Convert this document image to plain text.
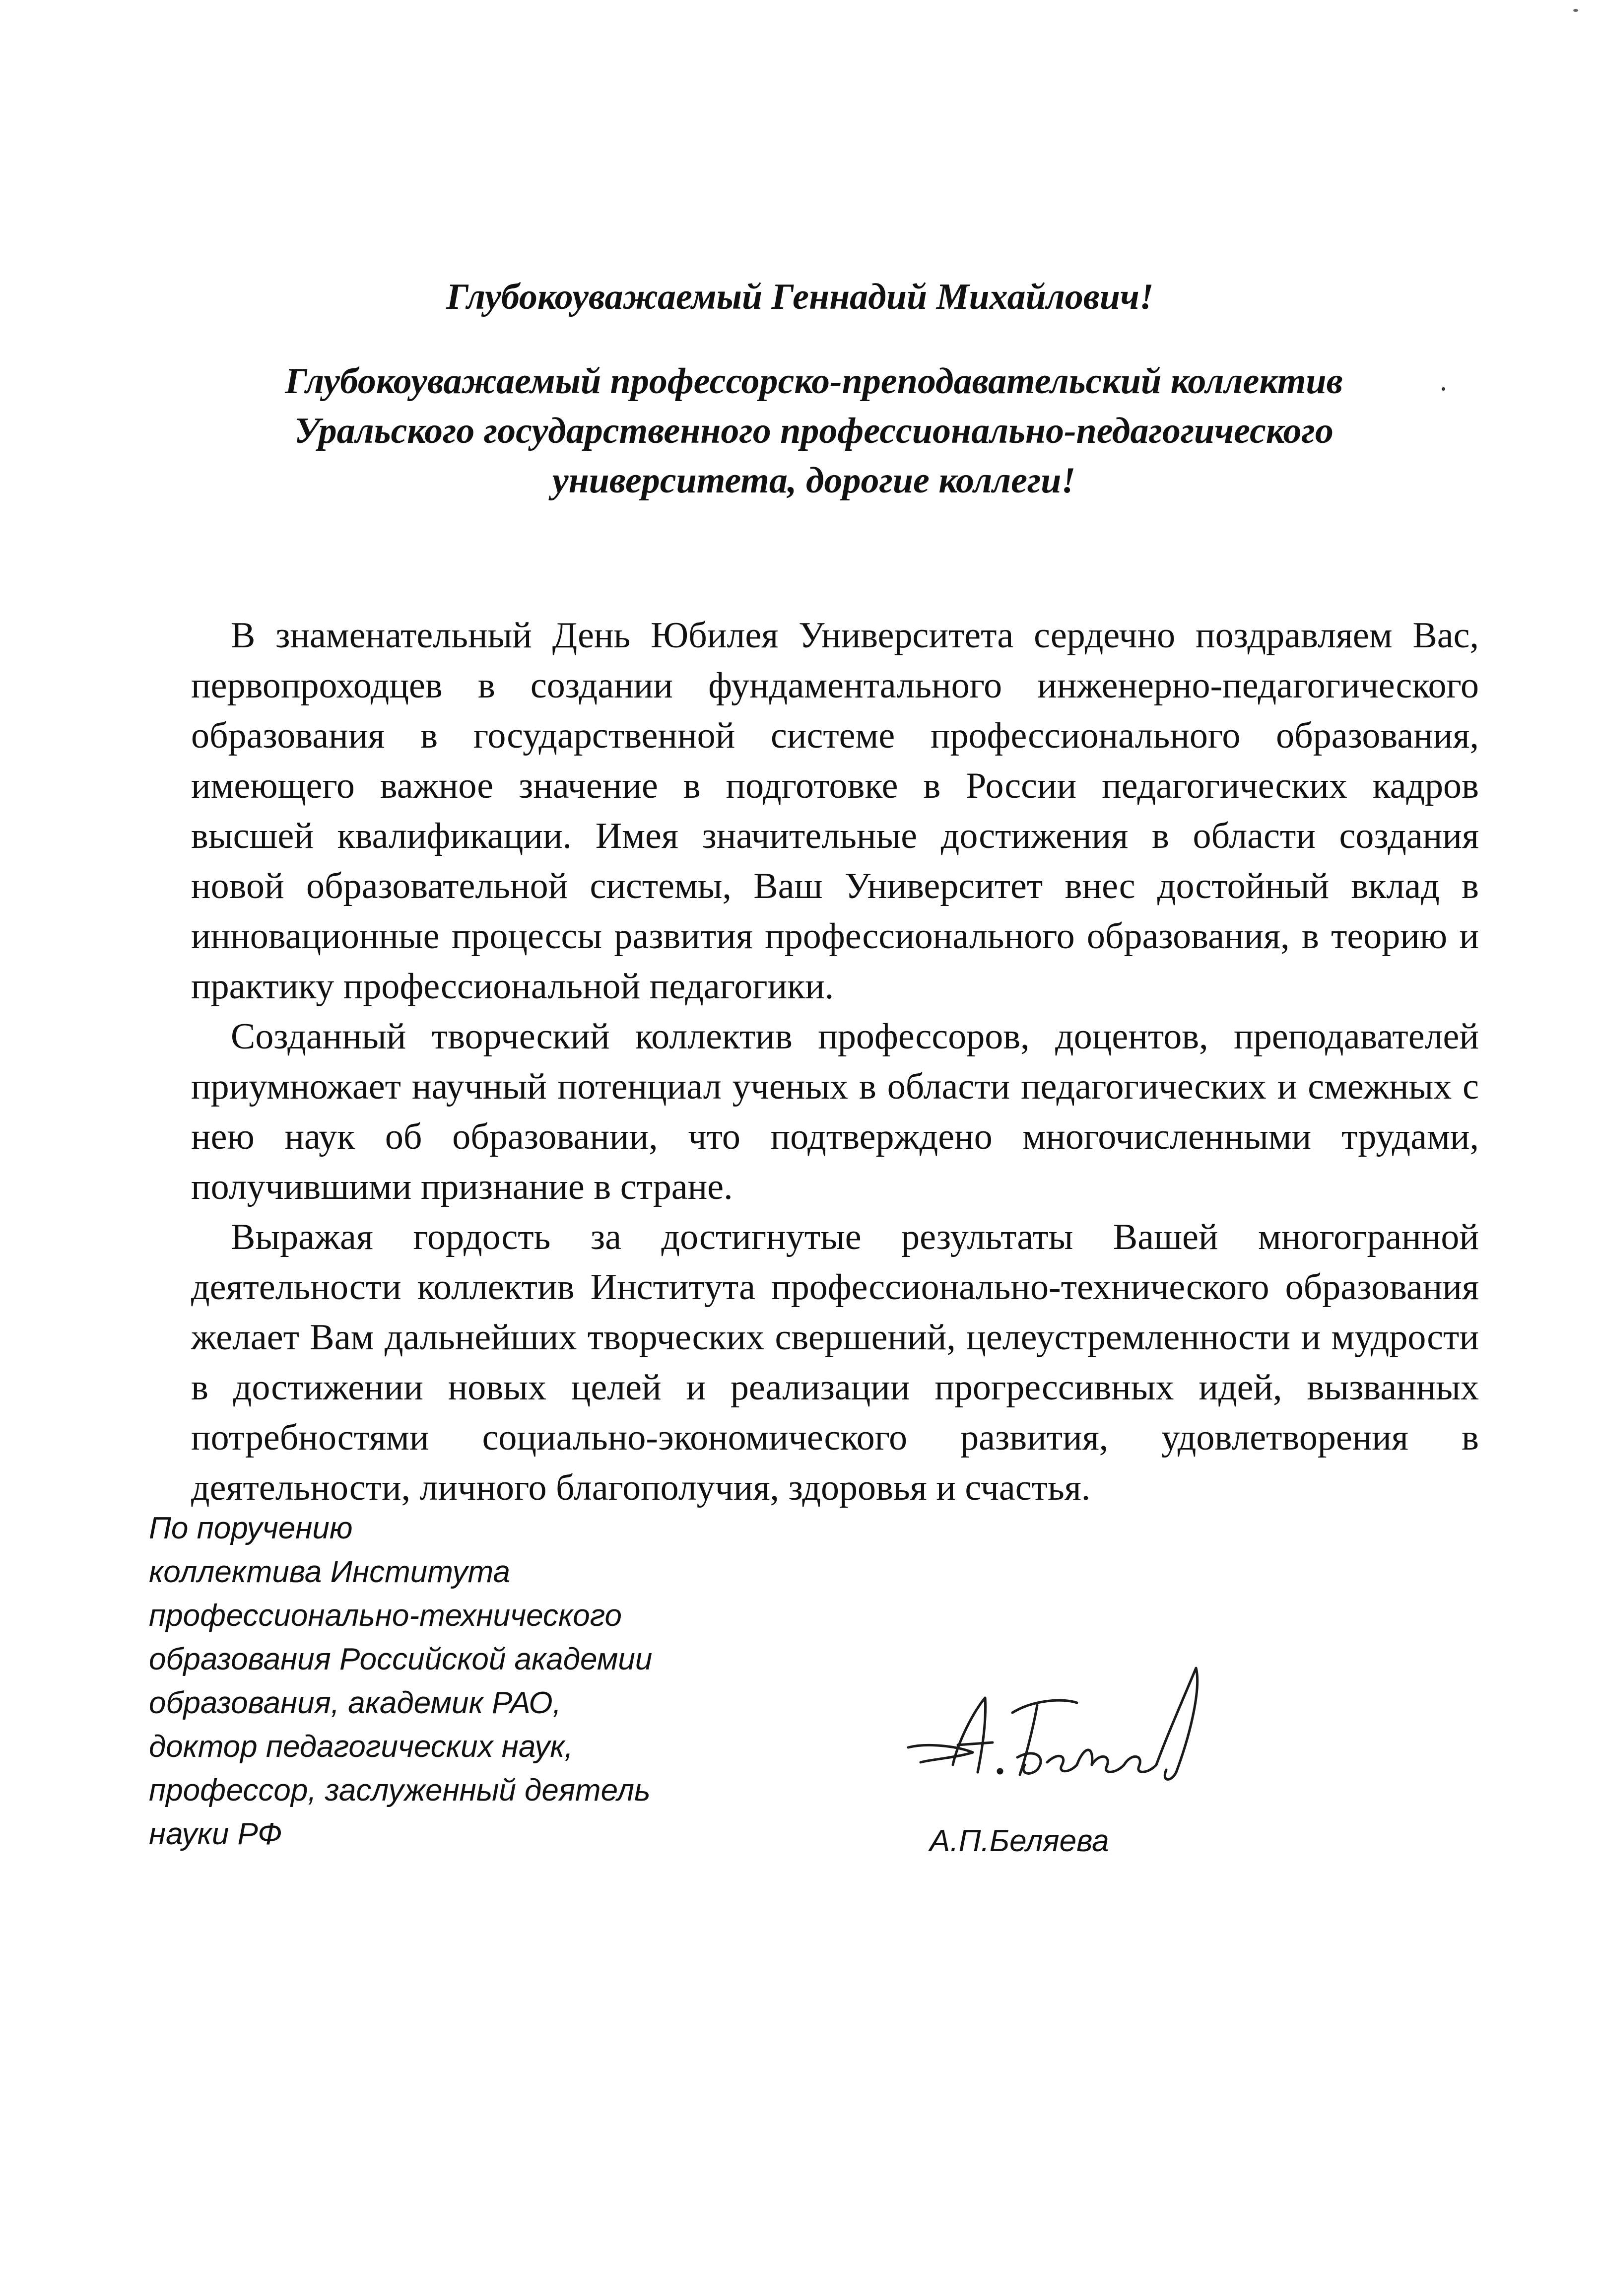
Глубокоуважаемый Геннадий Михайлович!
Глубокоуважаемый профессорско-преподавательский коллектив
Уральского государственного профессионально-педагогического
университета, дорогие коллеги!

В знаменательный День Юбилея Университета сердечно поздравляем Вас, первопроходцев в создании фундаментального инженерно-педагогического образования в государственной системе профессионального образования, имеющего важное значение в подготовке в России педагогических кадров высшей квалификации. Имея значительные достижения в области создания новой образовательной системы, Ваш Университет внес достойный вклад в инновационные процессы развития профессионального образования, в теорию и практику профессиональной педагогики.

Созданный творческий коллектив профессоров, доцентов, преподавателей приумножает научный потенциал ученых в области педагогических и смежных с нею наук об образовании, что подтверждено многочисленными трудами, получившими признание в стране.

Выражая гордость за достигнутые результаты Вашей многогранной деятельности коллектив Института профессионально-технического образования желает Вам дальнейших творческих свершений, целеустремленности и мудрости в достижении новых целей и реализации прогрессивных идей, вызванных потребностями социально-экономического развития, удовлетворения в деятельности, личного благополучия, здоровья и счастья.

По поручению
коллектива Института
профессионально-технического
образования Российской академии
образования, академик РАО,
доктор педагогических наук,
профессор, заслуженный деятель
науки РФ	А.П.Беляева
